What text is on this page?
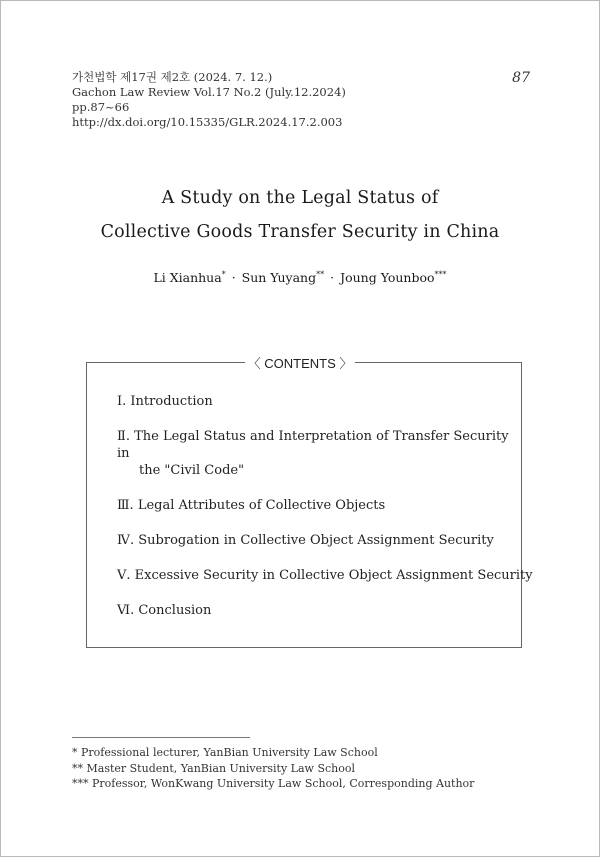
가천법학 제17권 제2호 (2024. 7. 12.)
Gachon Law Review Vol.17 No.2 (July.12.2024)
pp.87~66
http://dx.doi.org/10.15335/GLR.2024.17.2.003
87
A Study on the Legal Status of
Collective Goods Transfer Security in China
Li Xianhua* · Sun Yuyang** · Joung Younboo***
〈 CONTENTS 〉
Ⅰ. Introduction
Ⅱ. The Legal Status and Interpretation of Transfer Security in
the "Civil Code"
Ⅲ. Legal Attributes of Collective Objects
Ⅳ. Subrogation in Collective Object Assignment Security
Ⅴ. Excessive Security in Collective Object Assignment Security
Ⅵ. Conclusion
* Professional lecturer, YanBian University Law School
** Master Student, YanBian University Law School
*** Professor, WonKwang University Law School, Corresponding Author
